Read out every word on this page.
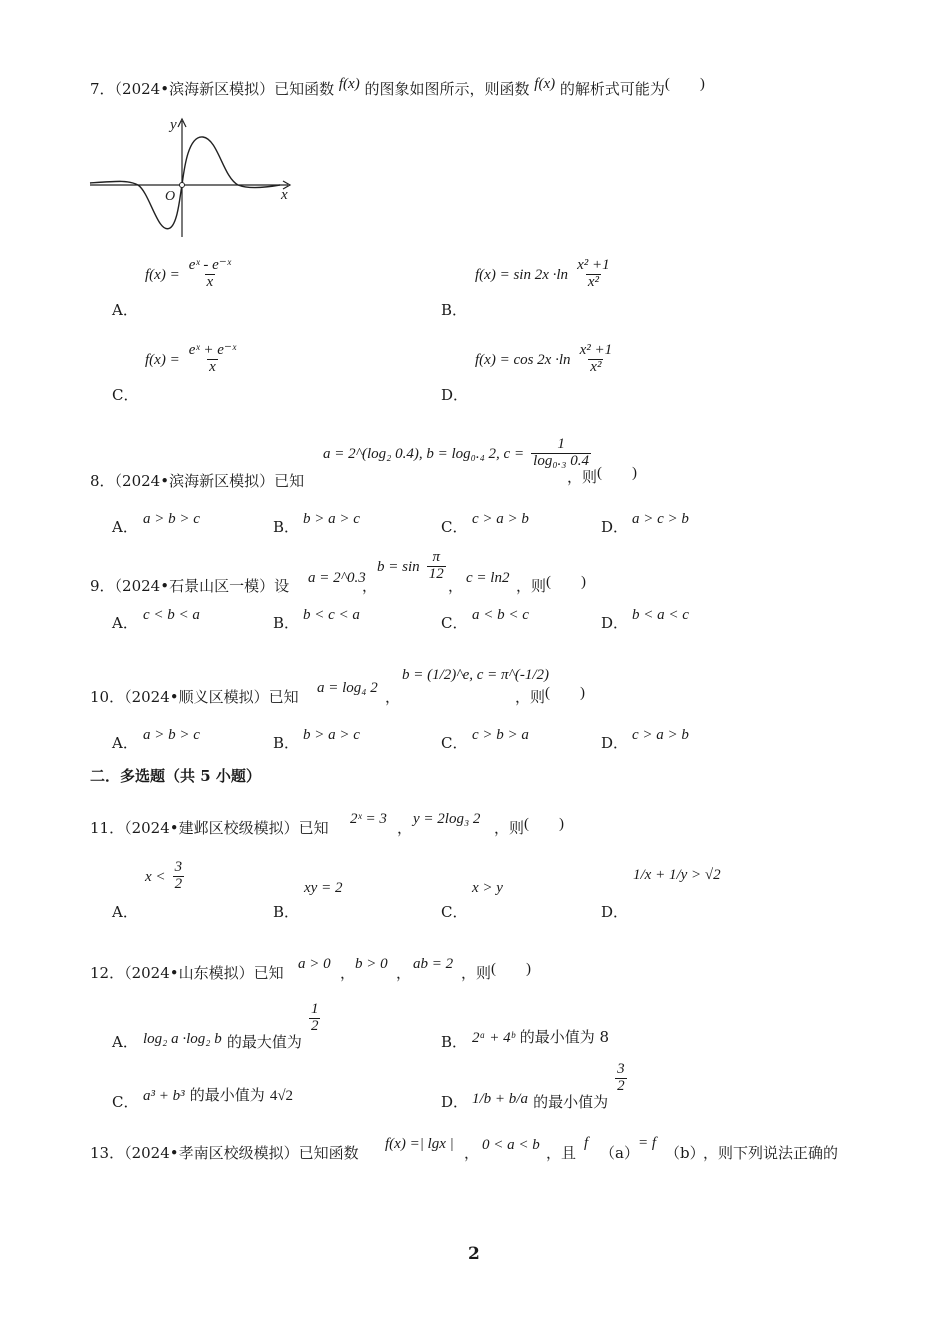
7．（2024•滨海新区模拟）已知函数 f(x) 的图象如图所示，则函数 f(x) 的解析式可能为(　　)
y
x
O
$f(x) = \frac{\text{eˣ - e⁻ˣ}}{x}$
A．
$f(x) = \sin 2x \cdot\ln \frac{\text{x² +1}}{\text{x²}}$
B．
$f(x) = \frac{\text{eˣ + e⁻ˣ}}{x}$
C．
$f(x) = \cos 2x \cdot\ln \frac{\text{x² +1}}{\text{x²}}$
D．
a = 2^(log₂ 0.4), b = log₀.₄ 2, $c = \frac{1}{\text{log₀.₃ 0.4}}$
8．（2024•滨海新区模拟）已知	，则(　　)
A． a > b > c	B． b > a > c	C． c > a > b	D． a > c > b
9．（2024•石景山区一模）设 a = 2^0.3
，
$b = \sin \frac{\pi}{12}$
， c = ln2 ，则(　　)
A． c < b < a	B． b < c < a	C． a < b < c	D． b < a < c
10．（2024•顺义区模拟）已知 a = log₄ 2 ，
b = (1/2)^e, c = π^(-1/2)
，则(　　)
A． a > b > c	B． b > a > c	C． c > b > a	D． c > a > b
二．多选题（共 5 小题）
11．（2024•建邺区校级模拟）已知 2ˣ = 3 ， y = 2log₃ 2 ，则(　　)
$x < \frac{3}{2}$
A．
xy = 2
B．
x > y
C．
1/x + 1/y > √2
D．
12．（2024•山东模拟）已知 a > 0 ， b > 0 ， ab = 2 ，则(　　)
A． log₂ a ·log₂ b 的最大值为
$\frac{1}{2}$
B． 2ᵃ + 4ᵇ 的最小值为 8
C． a³ + b³ 的最小值为 4√2	D． 1/b + b/a 的最小值为
$\frac{3}{2}$
13．（2024•孝南区校级模拟）已知函数 f(x) =| lgx | ， 0 < a < b ，且
f
（a）
= f
（b）
，则下列说法正确的
2
